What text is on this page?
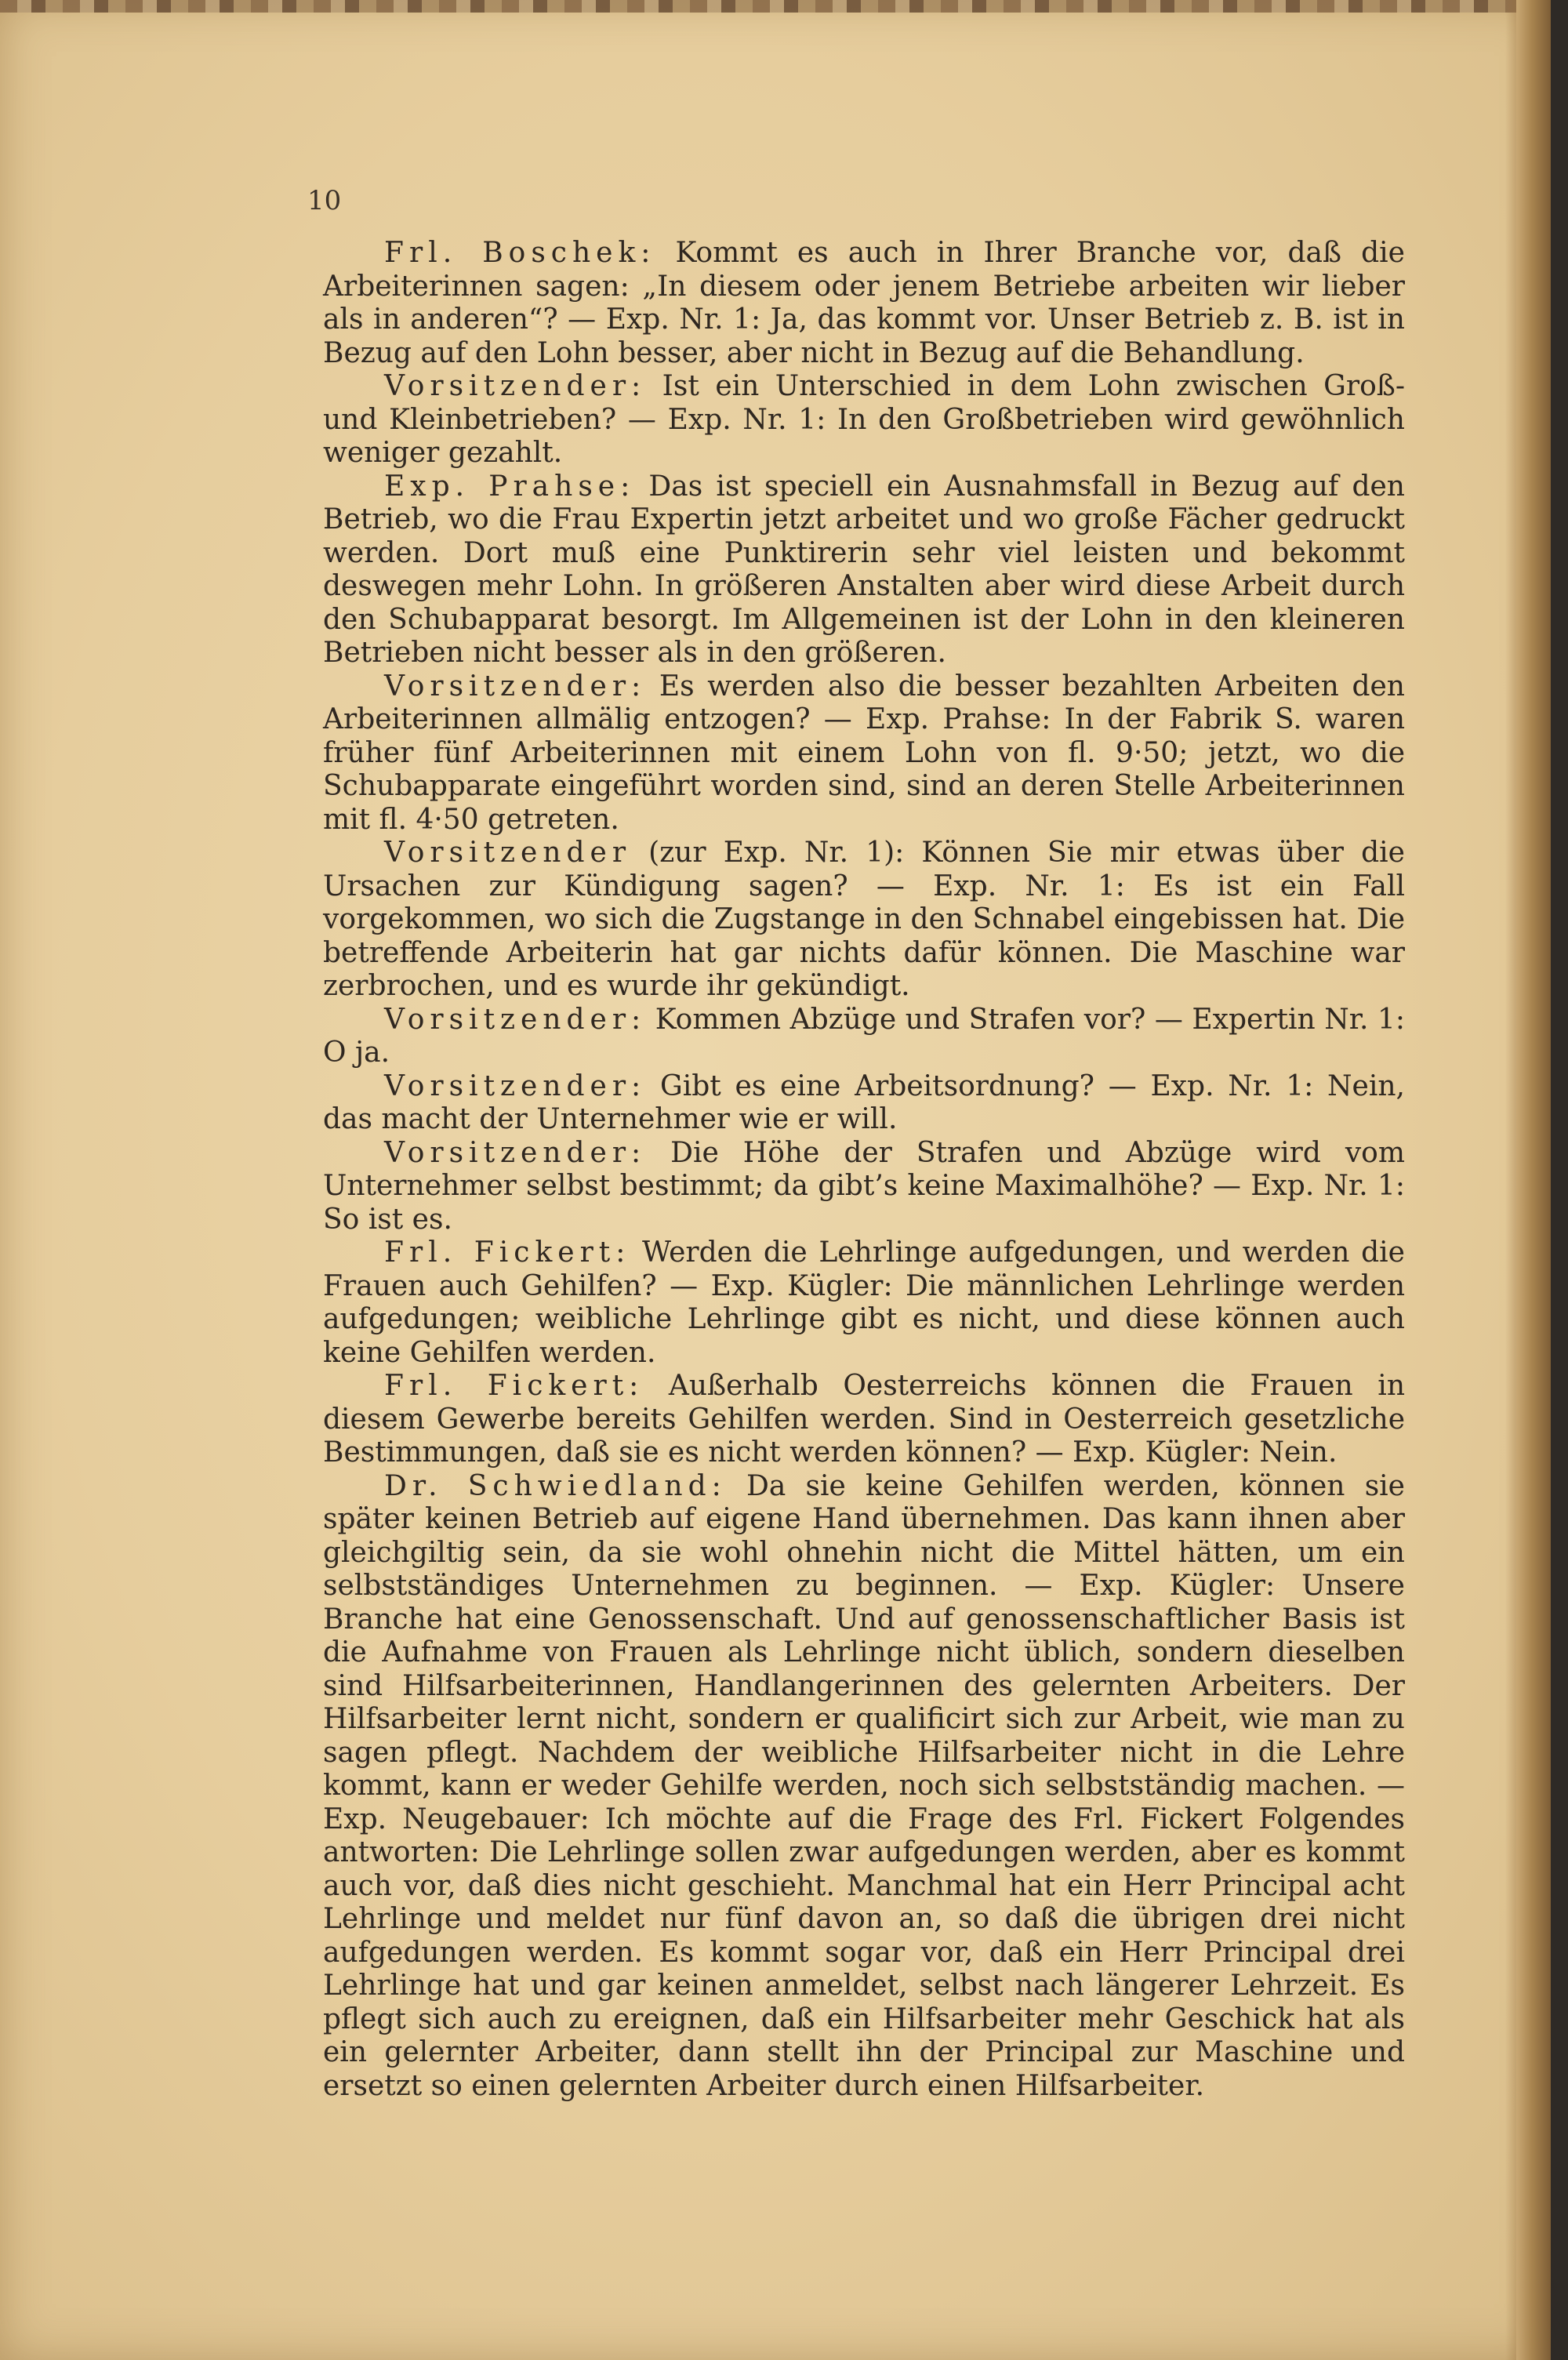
10

Frl. Boschek: Kommt es auch in Ihrer Branche vor, daß die Arbeiterinnen sagen: „In diesem oder jenem Betriebe arbeiten wir lieber als in anderen“? — Exp. Nr. 1: Ja, das kommt vor. Unser Betrieb z. B. ist in Bezug auf den Lohn besser, aber nicht in Bezug auf die Behandlung.

Vorsitzender: Ist ein Unterschied in dem Lohn zwischen Groß- und Kleinbetrieben? — Exp. Nr. 1: In den Großbetrieben wird gewöhnlich weniger gezahlt.

Exp. Prahse: Das ist speciell ein Ausnahmsfall in Bezug auf den Betrieb, wo die Frau Expertin jetzt arbeitet und wo große Fächer gedruckt werden. Dort muß eine Punktirerin sehr viel leisten und bekommt deswegen mehr Lohn. In größeren Anstalten aber wird diese Arbeit durch den Schubapparat besorgt. Im Allgemeinen ist der Lohn in den kleineren Betrieben nicht besser als in den größeren.

Vorsitzender: Es werden also die besser bezahlten Arbeiten den Arbeiterinnen allmälig entzogen? — Exp. Prahse: In der Fabrik S. waren früher fünf Arbeiterinnen mit einem Lohn von fl. 9·50; jetzt, wo die Schubapparate eingeführt worden sind, sind an deren Stelle Arbeiterinnen mit fl. 4·50 getreten.

Vorsitzender (zur Exp. Nr. 1): Können Sie mir etwas über die Ursachen zur Kündigung sagen? — Exp. Nr. 1: Es ist ein Fall vorgekommen, wo sich die Zugstange in den Schnabel eingebissen hat. Die betreffende Arbeiterin hat gar nichts dafür können. Die Maschine war zerbrochen, und es wurde ihr gekündigt.

Vorsitzender: Kommen Abzüge und Strafen vor? — Expertin Nr. 1: O ja.

Vorsitzender: Gibt es eine Arbeitsordnung? — Exp. Nr. 1: Nein, das macht der Unternehmer wie er will.

Vorsitzender: Die Höhe der Strafen und Abzüge wird vom Unternehmer selbst bestimmt; da gibt’s keine Maximalhöhe? — Exp. Nr. 1: So ist es.

Frl. Fickert: Werden die Lehrlinge aufgedungen, und werden die Frauen auch Gehilfen? — Exp. Kügler: Die männlichen Lehrlinge werden aufgedungen; weibliche Lehrlinge gibt es nicht, und diese können auch keine Gehilfen werden.

Frl. Fickert: Außerhalb Oesterreichs können die Frauen in diesem Gewerbe bereits Gehilfen werden. Sind in Oesterreich gesetzliche Bestimmungen, daß sie es nicht werden können? — Exp. Kügler: Nein.

Dr. Schwiedland: Da sie keine Gehilfen werden, können sie später keinen Betrieb auf eigene Hand übernehmen. Das kann ihnen aber gleichgiltig sein, da sie wohl ohnehin nicht die Mittel hätten, um ein selbstständiges Unternehmen zu beginnen. — Exp. Kügler: Unsere Branche hat eine Genossenschaft. Und auf genossenschaftlicher Basis ist die Aufnahme von Frauen als Lehrlinge nicht üblich, sondern dieselben sind Hilfsarbeiterinnen, Handlangerinnen des gelernten Arbeiters. Der Hilfsarbeiter lernt nicht, sondern er qualificirt sich zur Arbeit, wie man zu sagen pflegt. Nachdem der weibliche Hilfsarbeiter nicht in die Lehre kommt, kann er weder Gehilfe werden, noch sich selbstständig machen. — Exp. Neugebauer: Ich möchte auf die Frage des Frl. Fickert Folgendes antworten: Die Lehrlinge sollen zwar aufgedungen werden, aber es kommt auch vor, daß dies nicht geschieht. Manchmal hat ein Herr Principal acht Lehrlinge und meldet nur fünf davon an, so daß die übrigen drei nicht aufgedungen werden. Es kommt sogar vor, daß ein Herr Principal drei Lehrlinge hat und gar keinen anmeldet, selbst nach längerer Lehrzeit. Es pflegt sich auch zu ereignen, daß ein Hilfsarbeiter mehr Geschick hat als ein gelernter Arbeiter, dann stellt ihn der Principal zur Maschine und ersetzt so einen gelernten Arbeiter durch einen Hilfsarbeiter.
